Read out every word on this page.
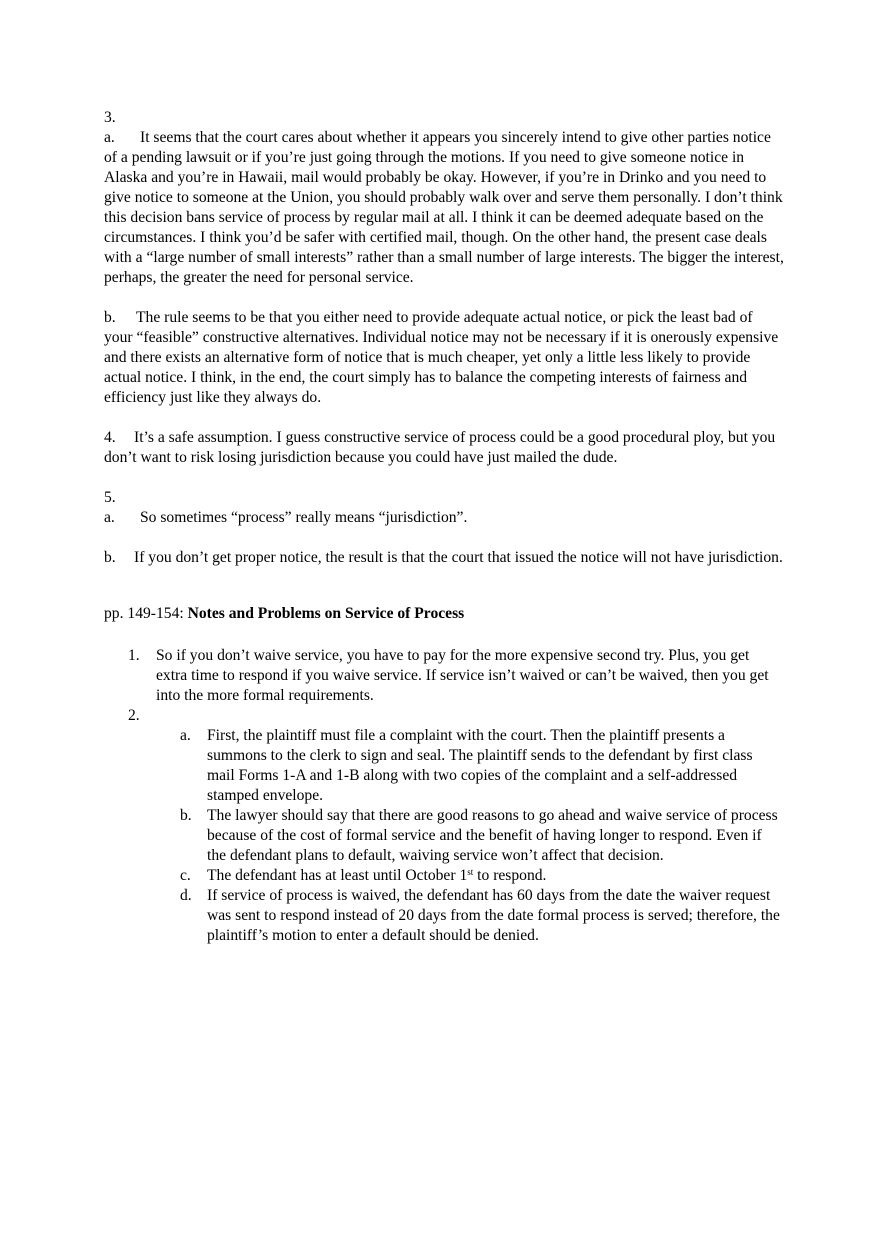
3.

a. It seems that the court cares about whether it appears you sincerely intend to give other parties notice of a pending lawsuit or if you’re just going through the motions. If you need to give someone notice in Alaska and you’re in Hawaii, mail would probably be okay. However, if you’re in Drinko and you need to give notice to someone at the Union, you should probably walk over and serve them personally. I don’t think this decision bans service of process by regular mail at all. I think it can be deemed adequate based on the circumstances. I think you’d be safer with certified mail, though. On the other hand, the present case deals with a “large number of small interests” rather than a small number of large interests. The bigger the interest, perhaps, the greater the need for personal service.

b. The rule seems to be that you either need to provide adequate actual notice, or pick the least bad of your “feasible” constructive alternatives. Individual notice may not be necessary if it is onerously expensive and there exists an alternative form of notice that is much cheaper, yet only a little less likely to provide actual notice. I think, in the end, the court simply has to balance the competing interests of fairness and efficiency just like they always do.

4. It’s a safe assumption. I guess constructive service of process could be a good procedural ploy, but you don’t want to risk losing jurisdiction because you could have just mailed the dude.

5.

a. So sometimes “process” really means “jurisdiction”.

b. If you don’t get proper notice, the result is that the court that issued the notice will not have jurisdiction.

pp. 149-154: Notes and Problems on Service of Process

1. So if you don’t waive service, you have to pay for the more expensive second try. Plus, you get extra time to respond if you waive service. If service isn’t waived or can’t be waived, then you get into the more formal requirements.
2.

a. First, the plaintiff must file a complaint with the court. Then the plaintiff presents a summons to the clerk to sign and seal. The plaintiff sends to the defendant by first class mail Forms 1-A and 1-B along with two copies of the complaint and a self-addressed stamped envelope.
b. The lawyer should say that there are good reasons to go ahead and waive service of process because of the cost of formal service and the benefit of having longer to respond. Even if the defendant plans to default, waiving service won’t affect that decision.
c. The defendant has at least until October 1st to respond.
d. If service of process is waived, the defendant has 60 days from the date the waiver request was sent to respond instead of 20 days from the date formal process is served; therefore, the plaintiff’s motion to enter a default should be denied.
